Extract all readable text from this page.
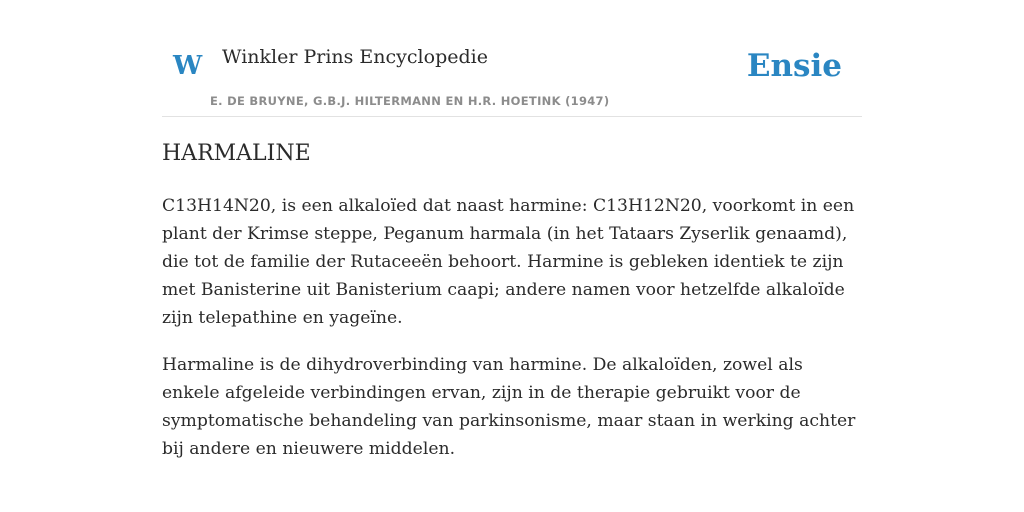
W Winkler Prins Encyclopedie
E. DE BRUYNE, G.B.J. HILTERMANN EN H.R. HOETINK (1947)
Ensie
HARMALINE

C13H14N20, is een alkaloïed dat naast harmine: C13H12N20, voorkomt in een plant der Krimse steppe, Peganum harmala (in het Tataars Zyserlik genaamd), die tot de familie der Rutaceeën behoort. Harmine is gebleken identiek te zijn met Banisterine uit Banisterium caapi; andere namen voor hetzelfde alkaloïde zijn telepathine en yageïne.

Harmaline is de dihydroverbinding van harmine. De alkaloïden, zowel als enkele afgeleide verbindingen ervan, zijn in de therapie gebruikt voor de symptomatische behandeling van parkinsonisme, maar staan in werking achter bij andere en nieuwere middelen.
